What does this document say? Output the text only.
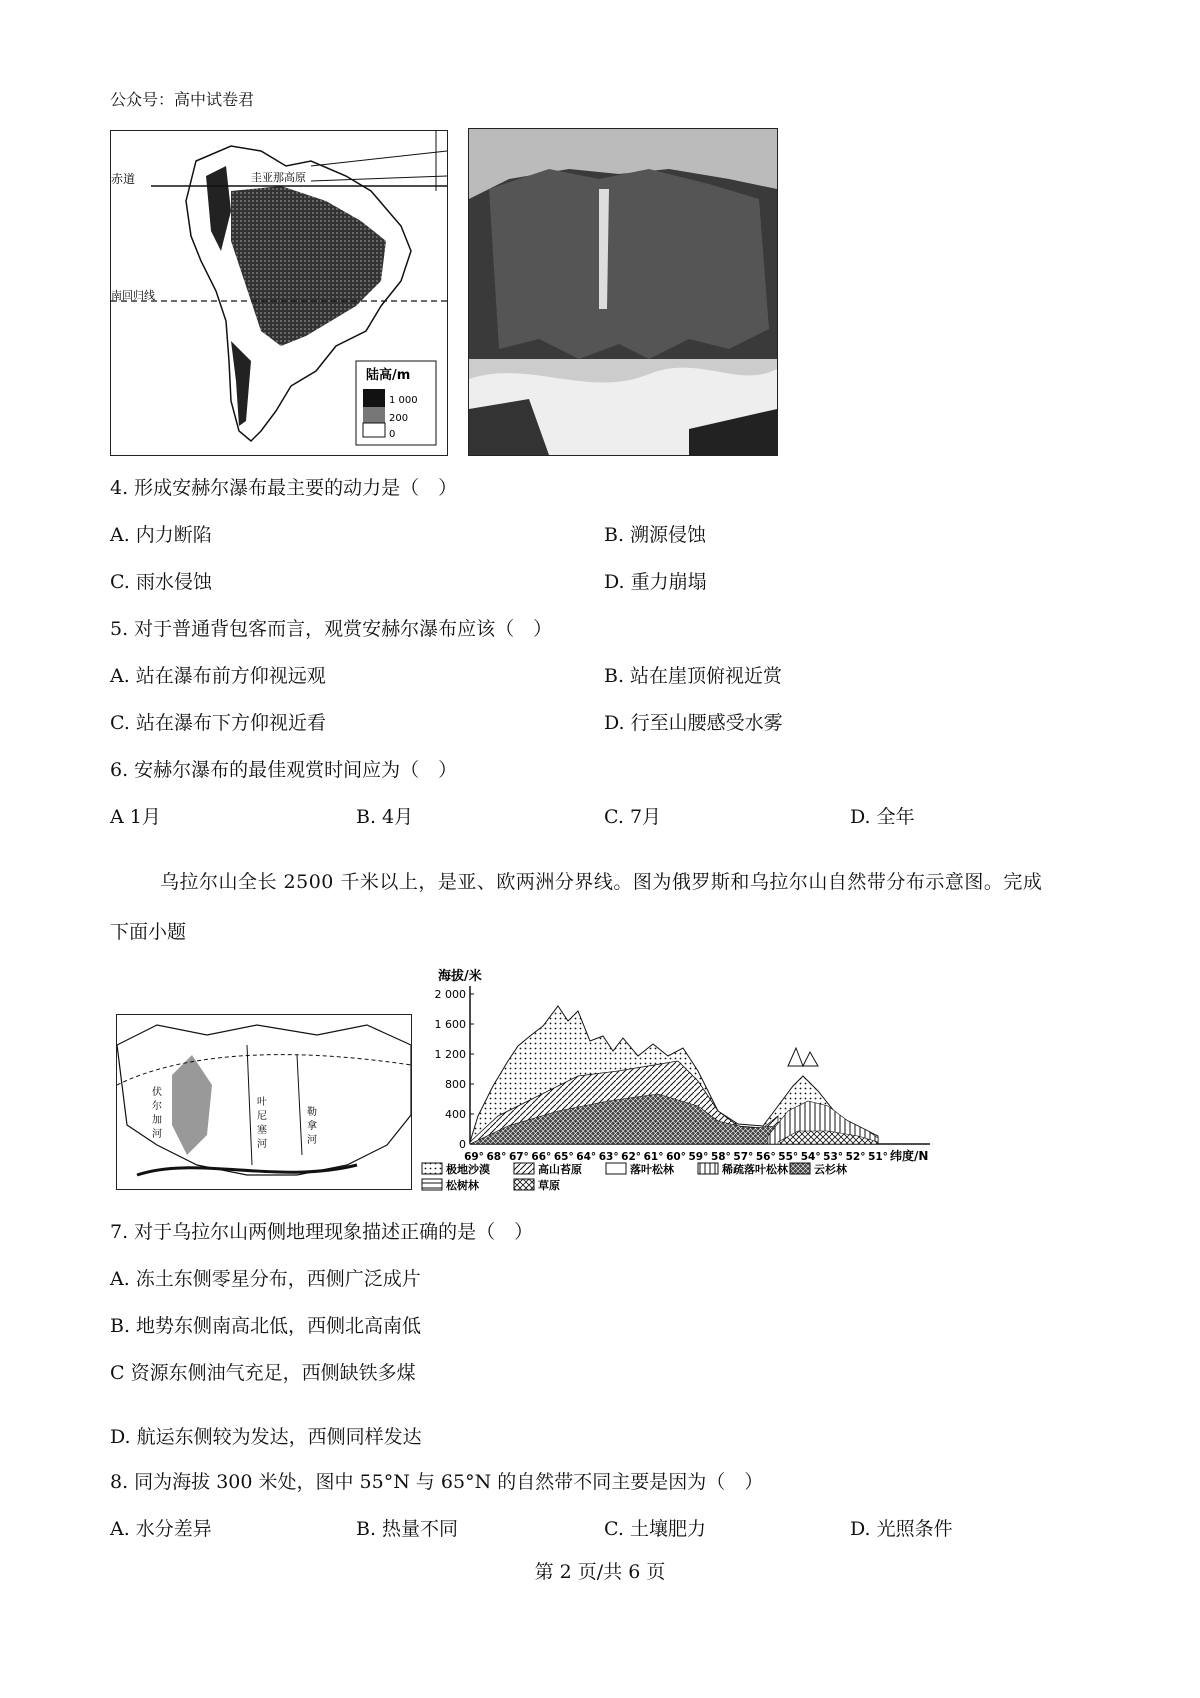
公众号：高中试卷君
赤道
南回归线
圭亚那高原
陆高/m
1 000
200
0
4. 形成安赫尔瀑布最主要的动力是（　）
A. 内力断陷	B. 溯源侵蚀
C. 雨水侵蚀	D. 重力崩塌
5. 对于普通背包客而言，观赏安赫尔瀑布应该（　）
A. 站在瀑布前方仰视远观	B. 站在崖顶俯视近赏
C. 站在瀑布下方仰视近看	D. 行至山腰感受水雾
6. 安赫尔瀑布的最佳观赏时间应为（　）
A 1月	B. 4月	C. 7月	D. 全年
乌拉尔山全长 2500 千米以上，是亚、欧两洲分界线。图为俄罗斯和乌拉尔山自然带分布示意图。完成
下面小题
伏
尔
加
河
叶
尼
塞
河
勒
拿
河
海拔/米
2 000
1 600
1 200
800
400
0
69° 68° 67° 66° 65° 64° 63° 62° 61° 60° 59° 58° 57° 56° 55° 54° 53° 52° 51°
极地沙漠	高山苔原	落叶松林	稀疏落叶松林 云杉林
松树林	草原
纬度/N
7. 对于乌拉尔山两侧地理现象描述正确的是（　）
A. 冻土东侧零星分布，西侧广泛成片
B. 地势东侧南高北低，西侧北高南低
C 资源东侧油气充足，西侧缺铁多煤
D. 航运东侧较为发达，西侧同样发达
8. 同为海拔 300 米处，图中 55°N 与 65°N 的自然带不同主要是因为（　）
A. 水分差异	B. 热量不同	C. 土壤肥力	D. 光照条件
第 2 页/共 6 页
